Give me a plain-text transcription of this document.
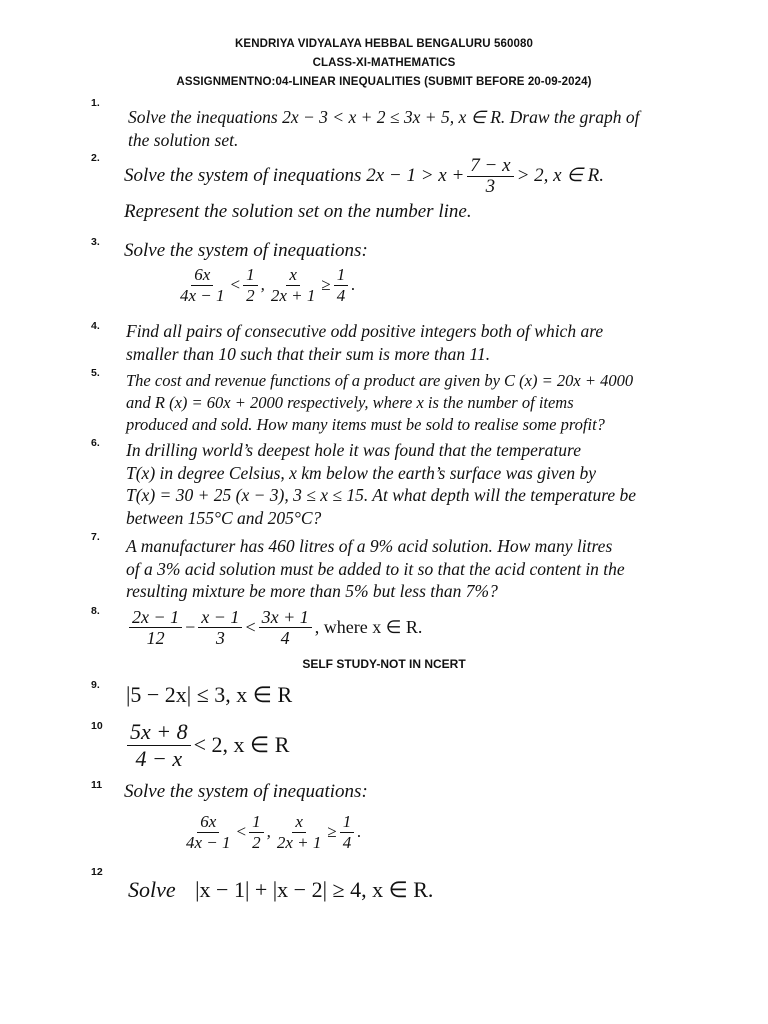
KENDRIYA VIDYALAYA HEBBAL BENGALURU 560080
CLASS-XI-MATHEMATICS
ASSIGNMENTNO:04-LINEAR INEQUALITIES (SUBMIT BEFORE 20-09-2024)
1.
Solve the inequations 2x − 3 < x + 2 ≤ 3x + 5, x ∈ R. Draw the graph of
the solution set.
2.
Solve the system of inequations $2x - 1 > x + \frac{7 - x}{3} > 2$, x ∈ R.
Represent the solution set on the number line.
3. Solve the system of inequations:
$\frac{6x}{4x - 1} < \frac{1}{2}$ , $\frac{x}{2x + 1} \ge \frac{1}{4}$ .
4. Find all pairs of consecutive odd positive integers both of which are
smaller than 10 such that their sum is more than 11.
5. The cost and revenue functions of a product are given by C (x) = 20x + 4000
and R (x) = 60x + 2000 respectively, where x is the number of items
produced and sold. How many items must be sold to realise some profit?
6. In drilling world’s deepest hole it was found that the temperature
T(x) in degree Celsius, x km below the earth’s surface was given by
T(x) = 30 + 25 (x − 3), 3 ≤ x ≤ 15. At what depth will the temperature be
between 155°C and 205°C?
7. A manufacturer has 460 litres of a 9% acid solution. How many litres
of a 3% acid solution must be added to it so that the acid content in the
resulting mixture be more than 5% but less than 7%?
8. $\frac{2x - 1}{12} - \frac{x - 1}{3} < \frac{3x + 1}{4}$ , where x ∈ R.
SELF STUDY-NOT IN NCERT
9. |5 − 2x| ≤ 3, x ∈ R
$10 \frac{5x + 8}{4 - x} < 2$, x ∈ R
11 Solve the system of inequations:
$\frac{6x}{4x - 1} < \frac{1}{2}$ , $\frac{x}{2x + 1} \ge \frac{1}{4}$ .
12
Solve |x − 1| + |x − 2| ≥ 4, x ∈ R.
